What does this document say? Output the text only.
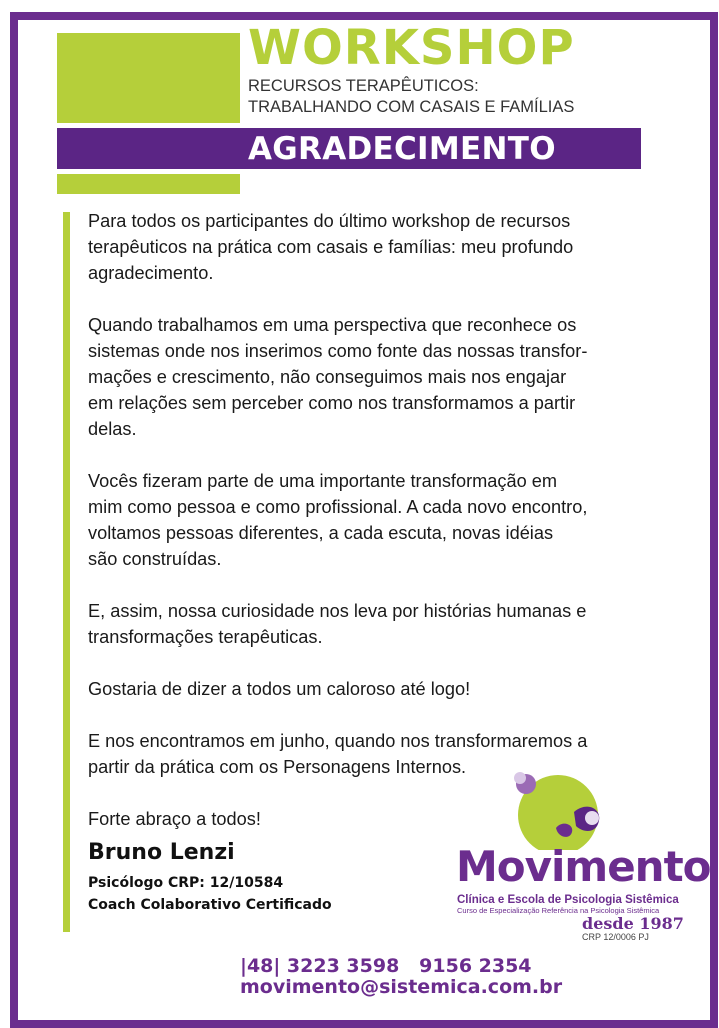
WORKSHOP
RECURSOS TERAPÊUTICOS:
TRABALHANDO COM CASAIS E FAMÍLIAS
AGRADECIMENTO

Para todos os participantes do último workshop de recursos
terapêuticos na prática com casais e famílias: meu profundo
agradecimento.

Quando trabalhamos em uma perspectiva que reconhece os
sistemas onde nos inserimos como fonte das nossas transfor-
mações e crescimento, não conseguimos mais nos engajar
em relações sem perceber como nos transformamos a partir
delas.

Vocês fizeram parte de uma importante transformação em
mim como pessoa e como profissional. A cada novo encontro,
voltamos pessoas diferentes, a cada escuta, novas idéias
são construídas.

E, assim, nossa curiosidade nos leva por histórias humanas e
transformações terapêuticas.

Gostaria de dizer a todos um caloroso até logo!

E nos encontramos em junho, quando nos transformaremos a
partir da prática com os Personagens Internos.

Forte abraço a todos!

Bruno Lenzi
Psicólogo CRP: 12/10584
Coach Colaborativo Certificado
Movimento
Clínica e Escola de Psicologia Sistêmica
Curso de Especialização Referência na Psicologia Sistêmica
desde 1987
CRP 12/0006 PJ
|48| 3223 3598   9156 2354
movimento@sistemica.com.br
